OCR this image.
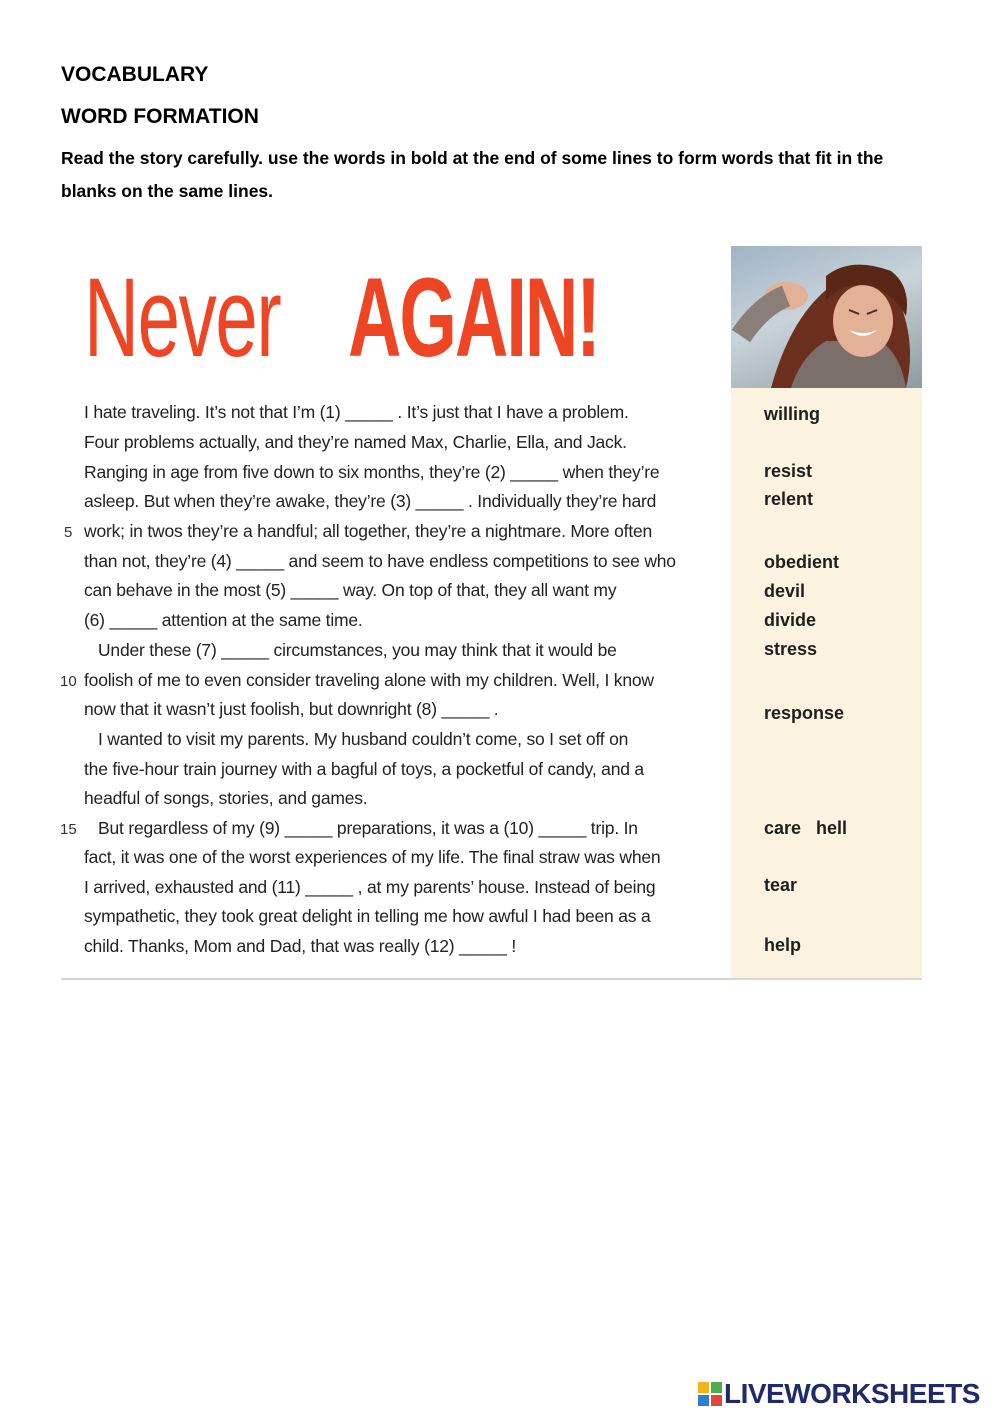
VOCABULARY
WORD FORMATION

Read the story carefully. use the words in bold at the end of some lines to form words that fit in the blanks on the same lines.

Never AGAIN!
I hate traveling. It’s not that I’m (1) _____ . It’s just that I have a problem.
Four problems actually, and they’re named Max, Charlie, Ella, and Jack.
Ranging in age from five down to six months, they’re (2) _____ when they’re
asleep. But when they’re awake, they’re (3) _____ . Individually they’re hard
work; in twos they’re a handful; all together, they’re a nightmare. More often
than not, they’re (4) _____ and seem to have endless competitions to see who
can behave in the most (5) _____ way. On top of that, they all want my
(6) _____ attention at the same time.
Under these (7) _____ circumstances, you may think that it would be
foolish of me to even consider traveling alone with my children. Well, I know
now that it wasn’t just foolish, but downright (8) _____ .
I wanted to visit my parents. My husband couldn’t come, so I set off on
the five-hour train journey with a bagful of toys, a pocketful of candy, and a
headful of songs, stories, and games.
But regardless of my (9) _____ preparations, it was a (10) _____ trip. In
fact, it was one of the worst experiences of my life. The final straw was when
I arrived, exhausted and (11) _____ , at my parents’ house. Instead of being
sympathetic, they took great delight in telling me how awful I had been as a
child. Thanks, Mom and Dad, that was really (12) _____ !
5
10
15
willing
resist
relent
obedient
devil
divide
stress
response
care   hell
tear
help
LIVEWORKSHEETS
